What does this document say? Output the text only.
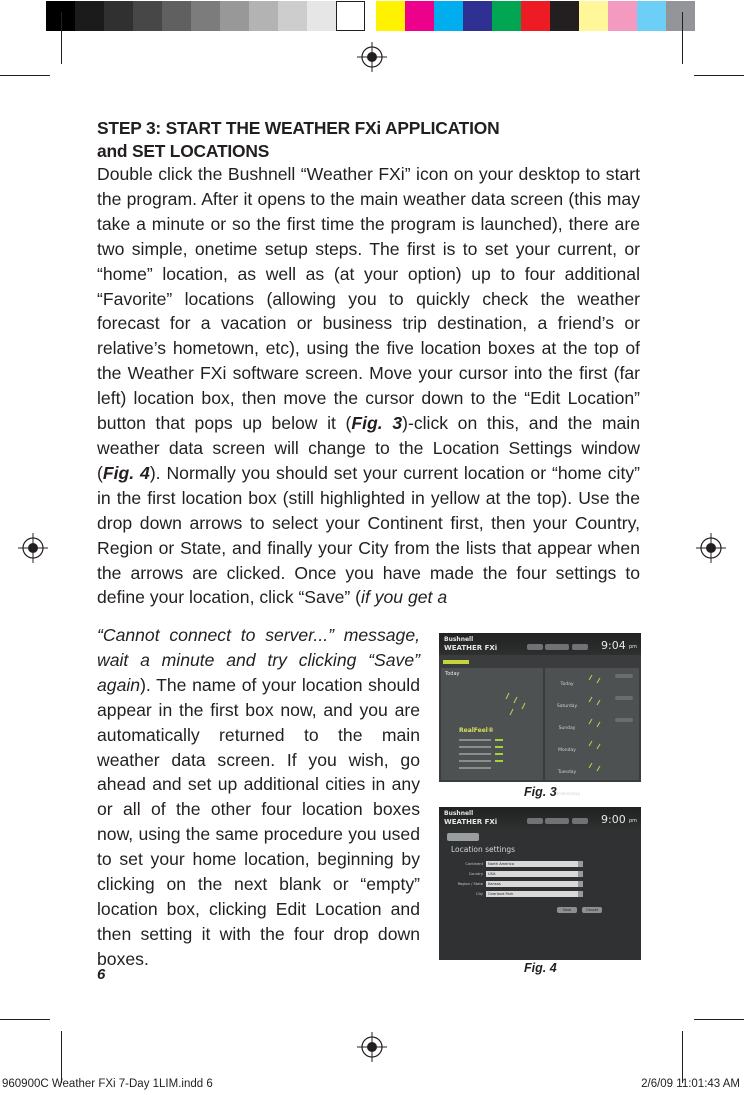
STEP 3: START THE WEATHER FXi APPLICATION
and SET LOCATIONS
Double click the Bushnell “Weather FXi” icon on your desktop to start the program. After it opens to the main weather data screen (this may take a minute or so the first time the program is launched), there are two simple, onetime setup steps. The first is to set your current, or “home” location, as well as (at your option) up to four additional “Favorite” locations (allowing you to quickly check the weather forecast for a vacation or business trip destination, a friend’s or relative’s hometown, etc), using the five location boxes at the top of the Weather FXi software screen. Move your cursor into the first (far left) location box, then move the cursor down to the “Edit Location” button that pops up below it (Fig. 3)-click on this, and the main weather data screen will change to the Location Settings window (Fig. 4). Normally you should set your current location or “home city” in the first location box (still highlighted in yellow at the top). Use the drop down arrows to select your Continent first, then your Country, Region or State, and finally your City from the lists that appear when the arrows are clicked. Once you have made the four settings to define your location, click “Save” (if you get a
“Cannot connect to server...” message, wait a minute and try clicking “Save” again). The name of your location should appear in the first box now, and you are automatically returned to the main weather data screen. If you wish, go ahead and set up additional cities in any or all of the other four location boxes now, using the same procedure you used to set your home location, beginning by clicking on the next blank or “empty” location box, clicking Edit Location and then setting it with the four drop down boxes.
Bushnell
WEATHER FXi	9:04 pm
Today
RealFeel®
Today
Saturday
Sunday
Monday
Tuesday
Wednesday
Fig. 3
Bushnell
WEATHER FXi	9:00 pm
Location settings
Continent	North America
Country	USA
Region / State	Kansas
City	Overland Park
Save	Cancel
Fig. 4
6
960900C Weather FXi 7-Day 1LIM.indd 6	2/6/09 11:01:43 AM
